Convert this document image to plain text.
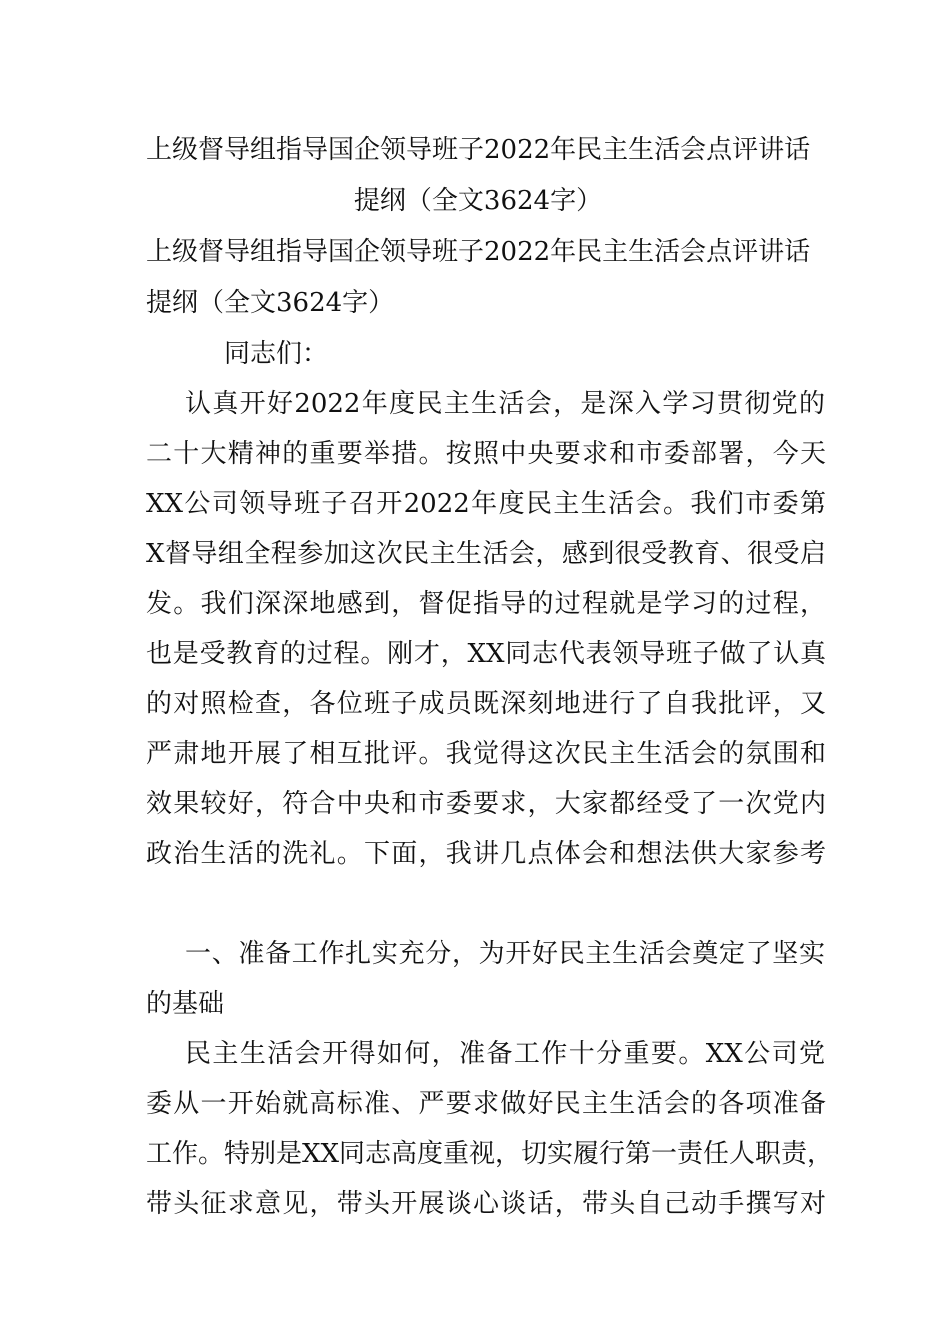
上级督导组指导国企领导班子2022年民主生活会点评讲话
提纲（全文3624字）
上级督导组指导国企领导班子2022年民主生活会点评讲话
提纲（全文3624字）
同志们：
认真开好2022年度民主生活会，是深入学习贯彻党的
二十大精神的重要举措。按照中央要求和市委部署，今天
XX公司领导班子召开2022年度民主生活会。我们市委第
X督导组全程参加这次民主生活会，感到很受教育、很受启
发。我们深深地感到，督促指导的过程就是学习的过程，
也是受教育的过程。刚才，XX同志代表领导班子做了认真
的对照检查，各位班子成员既深刻地进行了自我批评，又
严肃地开展了相互批评。我觉得这次民主生活会的氛围和
效果较好，符合中央和市委要求，大家都经受了一次党内
政治生活的洗礼。下面，我讲几点体会和想法供大家参考
一、准备工作扎实充分，为开好民主生活会奠定了坚实
的基础
民主生活会开得如何，准备工作十分重要。XX公司党
委从一开始就高标准、严要求做好民主生活会的各项准备
工作。特别是XX同志高度重视，切实履行第一责任人职责，
带头征求意见，带头开展谈心谈话，带头自己动手撰写对
